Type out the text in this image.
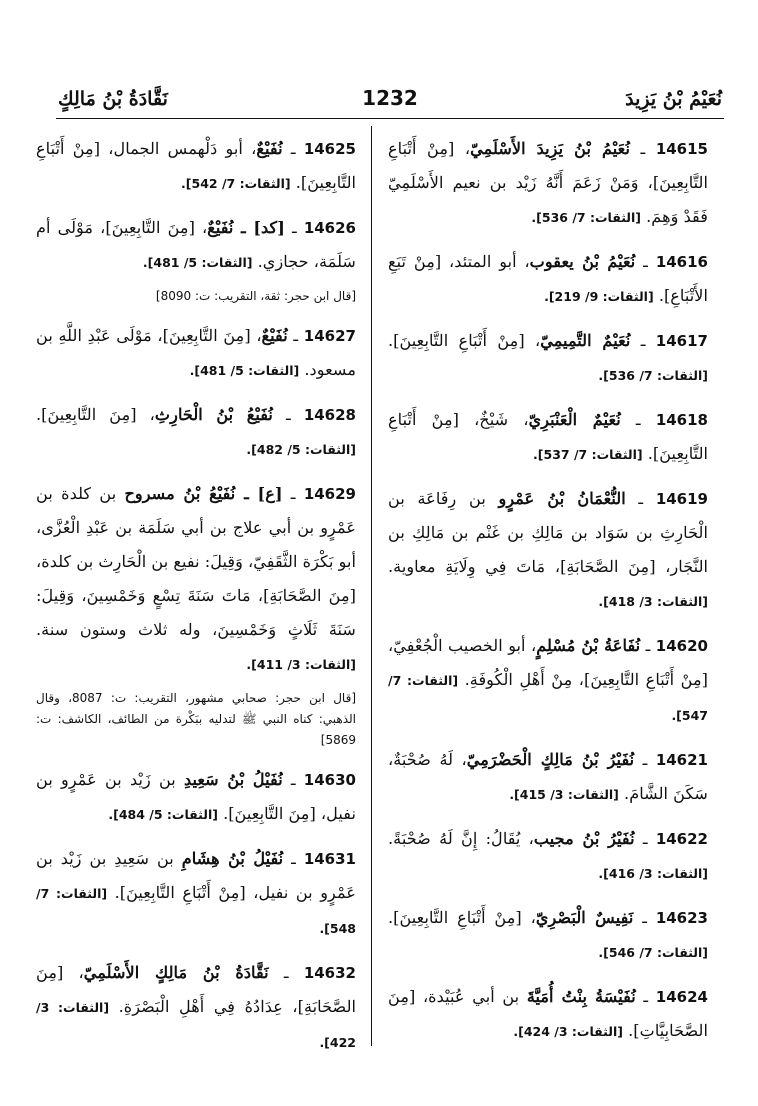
نَقَّادَةُ بْنُ مَالِكٍ	1232	نُعَيْمُ بْنُ يَزِيدَ
14615 ـ نُعَيْمُ بْنُ يَزِيدَ الأَسْلَمِيّ، [مِنْ أَتْبَاعِ التَّابِعِينَ]، وَمَنْ زَعَمَ أَنَّهُ زَيْد بن نعيم الأَسْلَمِيّ فَقَدْ وَهِمَ. [الثقات: 7/ 536].
14616 ـ نُعَيْمُ بْنُ يعقوب، أبو المتئد، [مِنْ تَبَعِ الأَتْبَاعِ]. [الثقات: 9/ 219].
14617 ـ نُعَيْمٌ التَّمِيمِيّ، [مِنْ أَتْبَاعِ التَّابِعِينَ]. [الثقات: 7/ 536].
14618 ـ نُعَيْمٌ الْعَنْبَرِيّ، شَيْخٌ، [مِنْ أَتْبَاعِ التَّابِعِينَ]. [الثقات: 7/ 537].
14619 ـ النُّعْمَانُ بْنُ عَمْرٍو بن رِفَاعَة بن الْحَارِثِ بن سَوَاد بن مَالِكِ بن غَنْم بن مَالِكِ بن النَّجَار، [مِنَ الصَّحَابَةِ]، مَاتَ فِي وِلَايَةِ معاوية. [الثقات: 3/ 418].
14620 ـ نُفَاعَةُ بْنُ مُسْلِمٍ، أبو الخصيب الْجُعْفِيّ، [مِنْ أَتْبَاعِ التَّابِعِينَ]، مِنْ أَهْلِ الْكُوفَةِ. [الثقات: 7/ 547].
14621 ـ نُفَيْرُ بْنُ مَالِكٍ الْحَضْرَمِيّ، لَهُ صُحْبَةٌ، سَكَنَ الشَّامَ. [الثقات: 3/ 415].
14622 ـ نُفَيْرُ بْنُ مجيب، يُقَالُ: إِنَّ لَهُ صُحْبَةً. [الثقات: 3/ 416].
14623 ـ نَفِيسٌ الْبَصْرِيّ، [مِنْ أَتْبَاعِ التَّابِعِينَ]. [الثقات: 7/ 546].
14624 ـ نُفَيْسَةُ بِنْتُ أُمَيَّةَ بن أبي عُبَيْدة، [مِنَ الصَّحَابِيَّاتِ]. [الثقات: 3/ 424].
14625 ـ نُفَيْعٌ، أبو دَلْهمس الجمال، [مِنْ أَتْبَاعِ التَّابِعِينَ]. [الثقات: 7/ 542].
14626 ـ [كد] ـ نُفَيْعٌ، [مِنَ التَّابِعِينَ]، مَوْلَى أم سَلَمَة، حجازي. [الثقات: 5/ 481].
[قال ابن حجر: ثقة، التقريب: ت: 8090]
14627 ـ نُفَيْعٌ، [مِنَ التَّابِعِينَ]، مَوْلَى عَبْدِ اللَّهِ بن مسعود. [الثقات: 5/ 481].
14628 ـ نُفَيْعُ بْنُ الْحَارِثِ، [مِنَ التَّابِعِينَ]. [الثقات: 5/ 482].
14629 ـ [ع] ـ نُفَيْعُ بْنُ مسروح بن كلدة بن عَمْرٍو بن أبي علاج بن أبي سَلَمَة بن عَبْدِ الْعُزَّى، أبو بَكْرَة الثَّقَفِيّ، وَقِيلَ: نفيع بن الْحَارِث بن كلدة، [مِنَ الصَّحَابَةِ]، مَاتَ سَنَةَ تِسْعٍ وَخَمْسِينَ، وَقِيلَ: سَنَةَ ثَلَاثٍ وَخَمْسِينَ، وله ثلاث وستون سنة. [الثقات: 3/ 411].
[قال ابن حجر: صحابي مشهور، التقريب: ت: 8087، وقال الذهبي: كناه النبي ﷺ لتدليه ببَكْرة من الطائف، الكاشف: ت: 5869]
14630 ـ نُفَيْلُ بْنُ سَعِيدِ بن زَيْد بن عَمْرٍو بن نفيل، [مِنَ التَّابِعِينَ]. [الثقات: 5/ 484].
14631 ـ نُفَيْلُ بْنُ هِشَامِ بن سَعِيدِ بن زَيْد بن عَمْرٍو بن نفيل، [مِنْ أَتْبَاعِ التَّابِعِينَ]. [الثقات: 7/ 548].
14632 ـ نَقَّادَةُ بْنُ مَالِكٍ الأَسْلَمِيّ، [مِنَ الصَّحَابَةِ]، عِدَادُهُ فِي أَهْلِ الْبَصْرَةِ. [الثقات: 3/ 422].
